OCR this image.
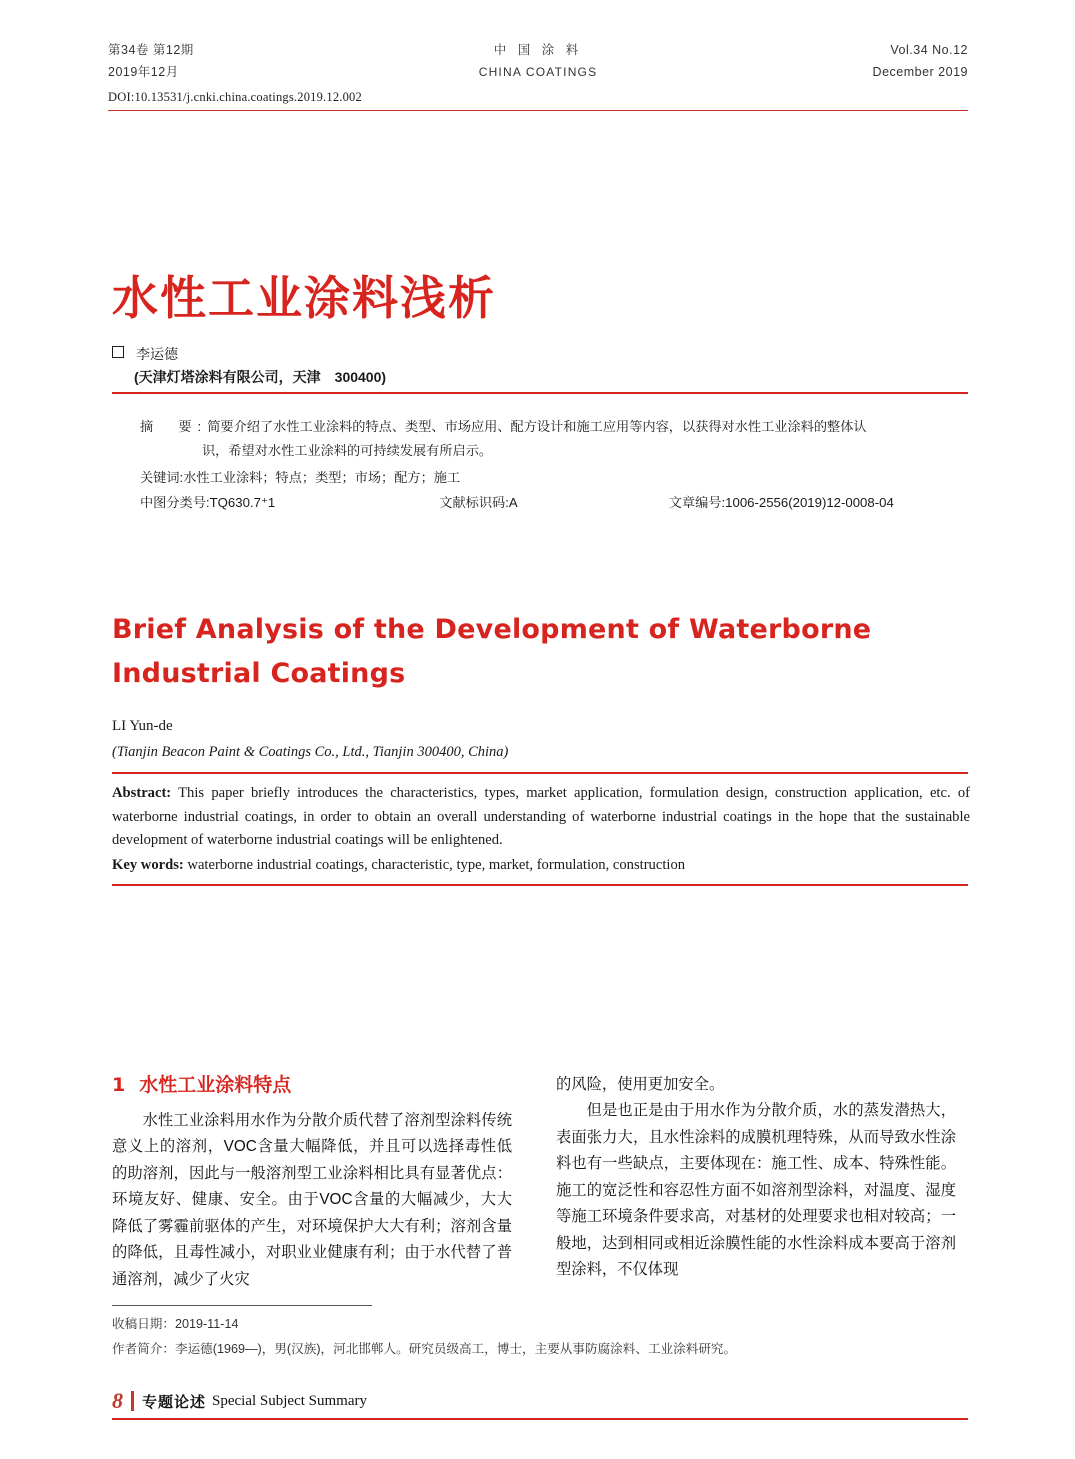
第34卷 第12期
2019年12月
中 国 涂 料
CHINA COATINGS
Vol.34 No.12
December 2019
DOI:10.13531/j.cnki.china.coatings.2019.12.002
水性工业涂料浅析
李运德
(天津灯塔涂料有限公司，天津　300400)

摘　要:简要介绍了水性工业涂料的特点、类型、市场应用、配方设计和施工应用等内容，以获得对水性工业涂料的整体认

识，希望对水性工业涂料的可持续发展有所启示。

关键词:水性工业涂料；特点；类型；市场；配方；施工
中图分类号:TQ630.7⁺1	文献标识码:A	文章编号:1006-2556(2019)12-0008-04
Brief Analysis of the Development of Waterborne Industrial Coatings
LI Yun-de
(Tianjin Beacon Paint & Coatings Co., Ltd., Tianjin 300400, China)
Abstract: This paper briefly introduces the characteristics, types, market application, formulation design, construction application, etc. of waterborne industrial coatings, in order to obtain an overall understanding of waterborne industrial coatings in the hope that the sustainable development of waterborne industrial coatings will be enlightened.
Key words: waterborne industrial coatings, characteristic, type, market, formulation, construction
1 水性工业涂料特点

水性工业涂料用水作为分散介质代替了溶剂型涂料传统意义上的溶剂，VOC含量大幅降低，并且可以选择毒性低的助溶剂，因此与一般溶剂型工业涂料相比具有显著优点：环境友好、健康、安全。由于VOC含量的大幅减少，大大降低了雾霾前驱体的产生，对环境保护大大有利；溶剂含量的降低，且毒性减小，对职业业健康有利；由于水代替了普通溶剂，减少了火灾

的风险，使用更加安全。

但是也正是由于用水作为分散介质，水的蒸发潜热大，表面张力大，且水性涂料的成膜机理特殊，从而导致水性涂料也有一些缺点，主要体现在：施工性、成本、特殊性能。施工的宽泛性和容忍性方面不如溶剂型涂料，对温度、湿度等施工环境条件要求高，对基材的处理要求也相对较高；一般地，达到相同或相近涂膜性能的水性涂料成本要高于溶剂型涂料，不仅体现

收稿日期：2019-11-14

作者简介：李运德(1969—)，男(汉族)，河北邯郸人。研究员级高工，博士，主要从事防腐涂料、工业涂料研究。

8 专题论述 Special Subject Summary
